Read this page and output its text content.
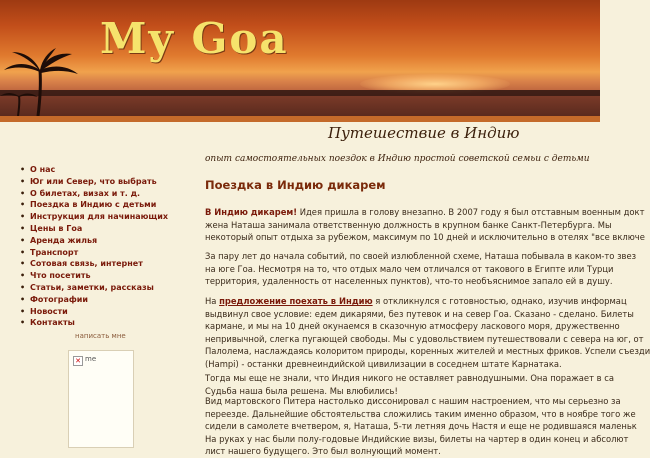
My Goa
Путешествие в Индию
опыт самостоятельных поездок в Индию простой советской семьи с детьми
• О нас
• Юг или Север, что выбрать
• О билетах, визах и т. д.
• Поездка в Индию с детьми
• Инструкция для начинающих
• Цены в Гоа
• Аренда жилья
• Транспорт
• Сотовая связь, интернет
• Что посетить
• Статьи, заметки, рассказы
• Фотографии
• Новости
• Контакты
написать мне
✕ me
Поездка в Индию дикарем
В Индию дикарем! Идея пришла в голову внезапно. В 2007 году я был отставным военным докт
жена Наташа занимала ответственную должность в крупном банке Санкт-Петербурга. Мы
некоторый опыт отдыха за рубежом, максимум по 10 дней и исключительно в отелях "все включе
За пару лет до начала событий, по своей излюбленной схеме, Наташа побывала в каком-то звез
на юге Гоа. Несмотря на то, что отдых мало чем отличался от такового в Египте или Турци
территория, удаленность от населенных пунктов), что-то необъяснимое запало ей в душу.
На предложение поехать в Индию я откликнулся с готовностью, однако, изучив информац
выдвинул свое условие: едем дикарями, без путевок и на север Гоа. Сказано - сделано. Билеты
кармане, и мы на 10 дней окунаемся в сказочную атмосферу ласкового моря, дружественно
непривычной, слегка пугающей свободы. Мы с удовольствием путешествовали с севера на юг, от
Палолема, наслаждаясь колоритом природы, коренных жителей и местных фриков. Успели съезди
(Hampi) - останки древнеиндийской цивилизации в соседнем штате Карнатака.
Тогда мы еще не знали, что Индия никого не оставляет равнодушными. Она поражает в са
Судьба наша была решена. Мы влюбились!
Вид мартовского Питера настолько диссонировал с нашим настроением, что мы серьезно за
переезде. Дальнейшие обстоятельства сложились таким именно образом, что в ноябре того же
сидели в самолете вчетвером, я, Наташа, 5-ти летняя дочь Настя и еще не родившаяся маленьк
На руках у нас были полу-годовые Индийские визы, билеты на чартер в один конец и абсолют
лист нашего будущего. Это был волнующий момент.
